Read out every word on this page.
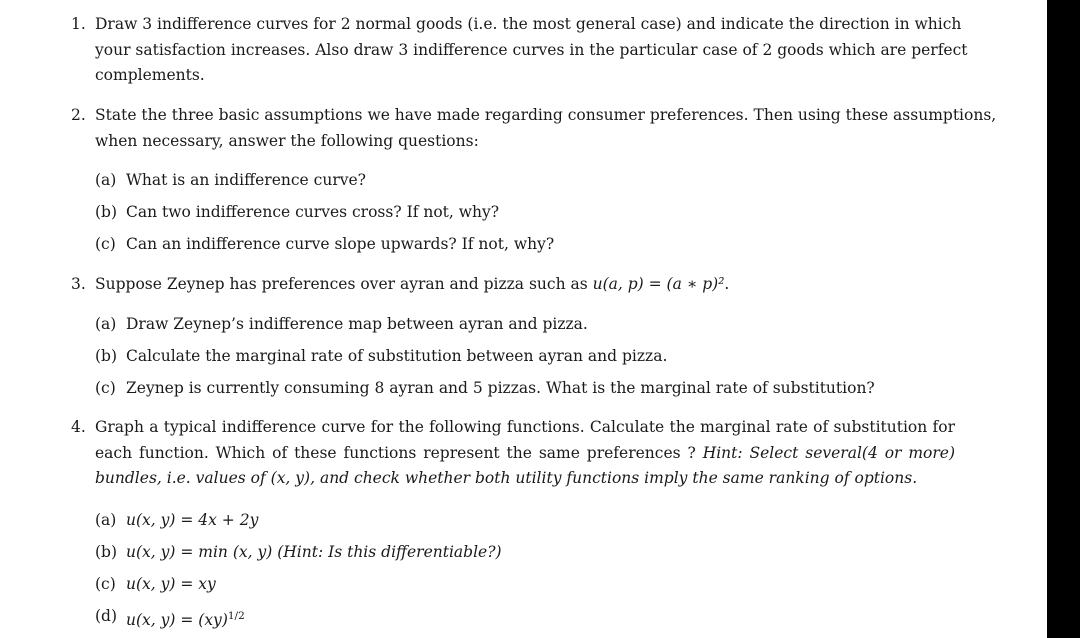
1. Draw 3 indifference curves for 2 normal goods (i.e. the most general case) and indicate the direction in which
your satisfaction increases. Also draw 3 indifference curves in the particular case of 2 goods which are perfect
complements.
2. State the three basic assumptions we have made regarding consumer preferences. Then using these assumptions,
when necessary, answer the following questions:
(a) What is an indifference curve?
(b) Can two indifference curves cross? If not, why?
(c) Can an indifference curve slope upwards? If not, why?
3. Suppose Zeynep has preferences over ayran and pizza such as u(a, p) = (a ∗ p)².
(a) Draw Zeynep’s indifference map between ayran and pizza.
(b) Calculate the marginal rate of substitution between ayran and pizza.
(c) Zeynep is currently consuming 8 ayran and 5 pizzas. What is the marginal rate of substitution?
4. Graph a typical indifference curve for the following functions. Calculate the marginal rate of substitution for
each function. Which of these functions represent the same preferences ? Hint: Select several(4 or more)
bundles, i.e. values of (x, y), and check whether both utility functions imply the same ranking of options.
(a) u(x, y) = 4x + 2y
(b) u(x, y) = min (x, y) (Hint: Is this differentiable?)
(c) u(x, y) = xy
(d) u(x, y) = (xy)$^{1/2}$
